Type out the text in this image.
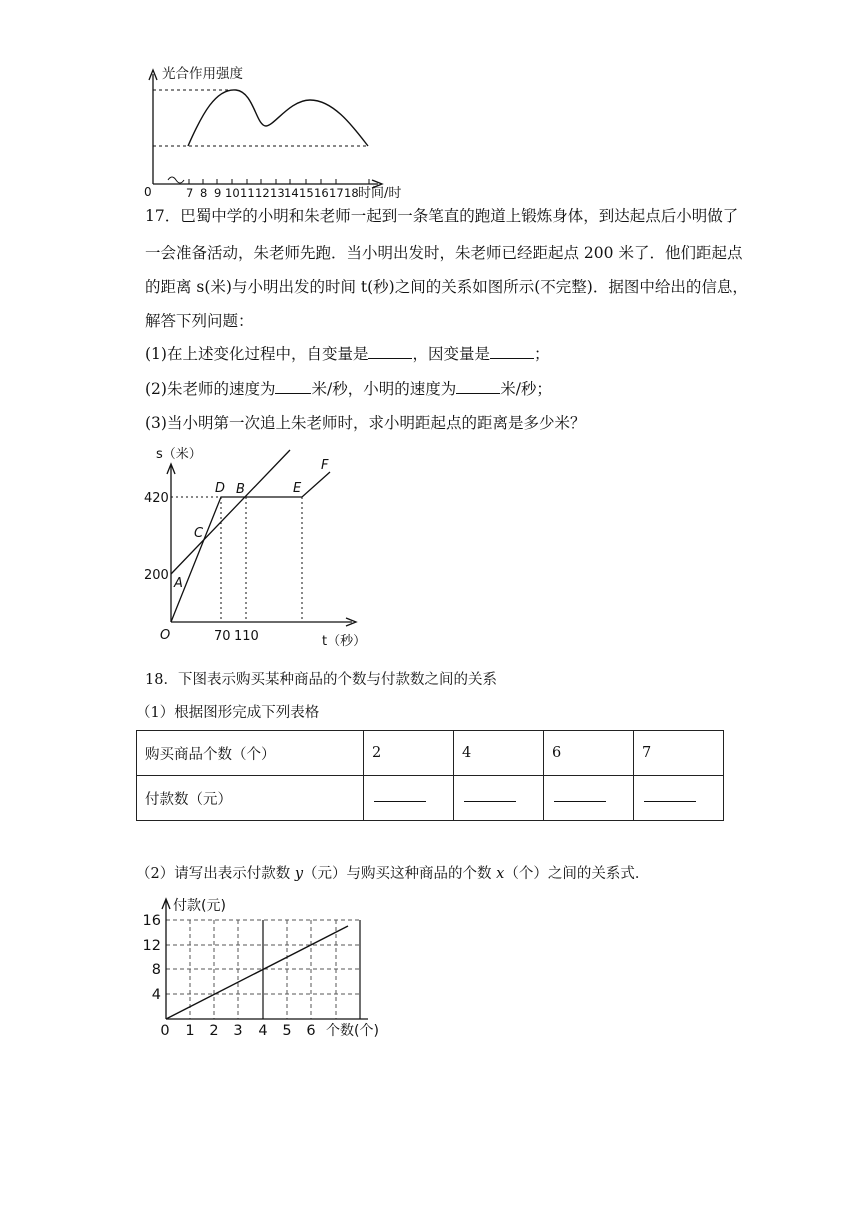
光合作用强度
0	7 8 9 10 11 12 13 14 15 16 17 18 时间/时
17．巴蜀中学的小明和朱老师一起到一条笔直的跑道上锻炼身体，到达起点后小明做了
一会准备活动，朱老师先跑．当小明出发时，朱老师已经距起点 200 米了．他们距起点
的距离 s(米)与小明出发的时间 t(秒)之间的关系如图所示(不完整)．据图中给出的信息，
解答下列问题：
(1)在上述变化过程中，自变量是	，因变量是	；
(2)朱老师的速度为 米/秒，小明的速度为	米/秒；
(3)当小明第一次追上朱老师时，求小明距起点的距离是多少米？
s（米）
420
200
O	70 110	t（秒）
A
C
D B	E
F
18．下图表示购买某种商品的个数与付款数之间的关系
（1）根据图形完成下列表格
购买商品个数（个）	2	4	6	7
付款数（元）				
（2）请写出表示付款数 y（元）与购买这种商品的个数 x（个）之间的关系式．
付款(元)
16
12
8
4
0 1 2 3 4 5 6 个数(个)
